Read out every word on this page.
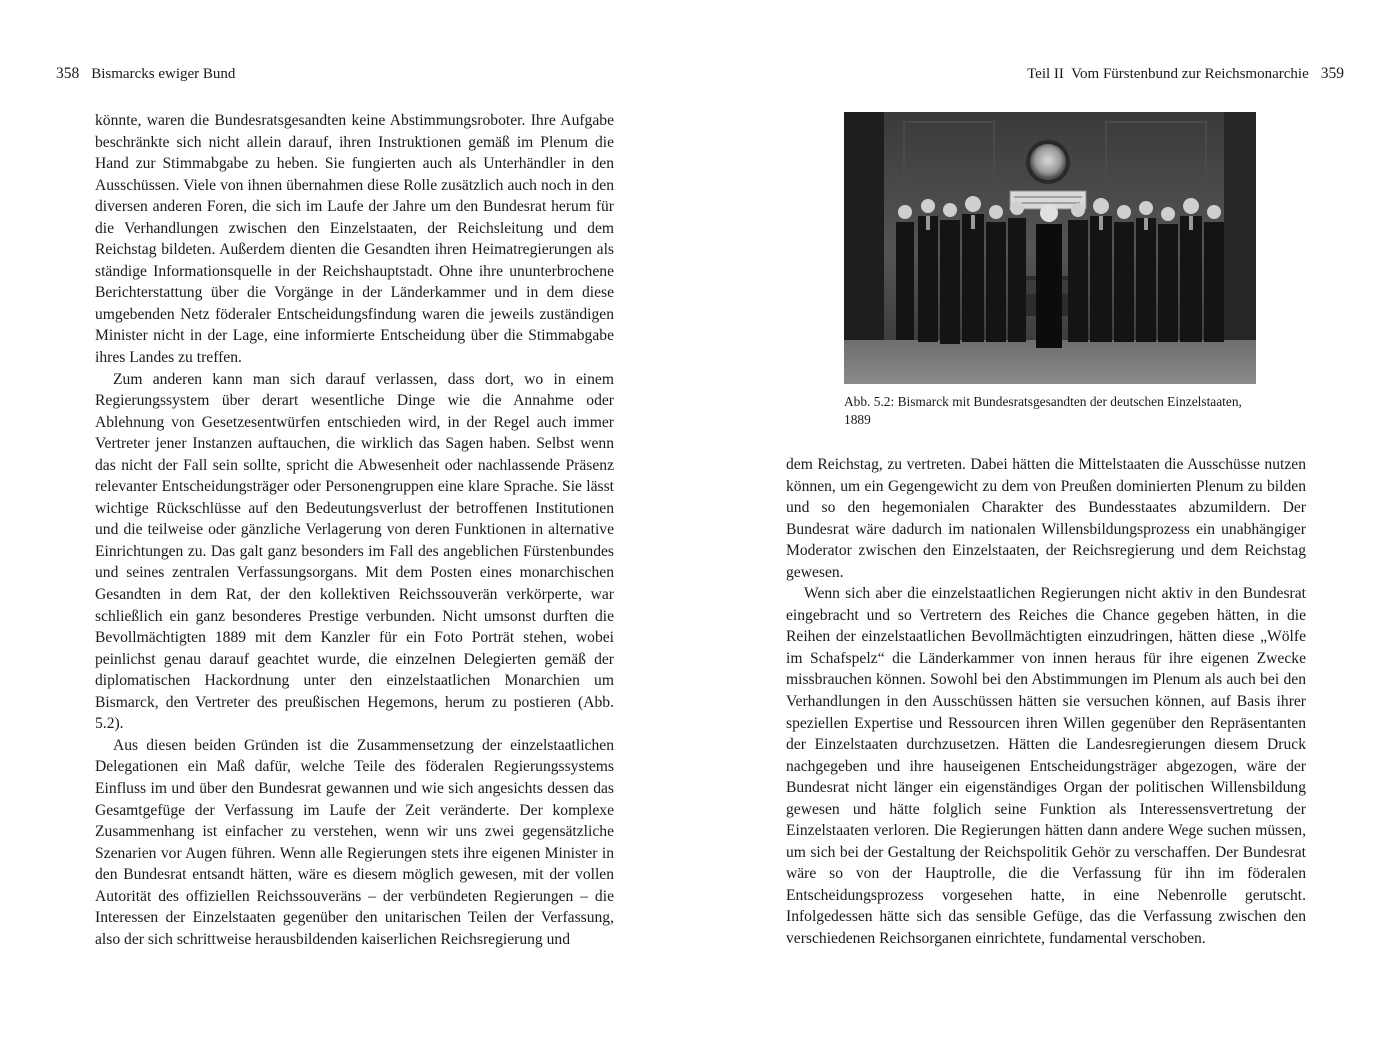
358 Bismarcks ewiger Bund

könnte, waren die Bundesratsgesandten keine Abstimmungsroboter. Ihre Aufgabe beschränkte sich nicht allein darauf, ihren Instruktionen gemäß im Plenum die Hand zur Stimmabgabe zu heben. Sie fungierten auch als Unterhändler in den Ausschüssen. Viele von ihnen übernahmen diese Rolle zusätzlich auch noch in den diversen anderen Foren, die sich im Laufe der Jahre um den Bundesrat herum für die Verhandlungen zwischen den Einzelstaaten, der Reichsleitung und dem Reichstag bildeten. Außerdem dienten die Gesandten ihren Heimatregierungen als ständige Informationsquelle in der Reichshauptstadt. Ohne ihre ununterbrochene Berichterstattung über die Vorgänge in der Länderkammer und in dem diese umgebenden Netz föderaler Entscheidungsfindung waren die jeweils zuständigen Minister nicht in der Lage, eine informierte Entscheidung über die Stimmabgabe ihres Landes zu treffen.

Zum anderen kann man sich darauf verlassen, dass dort, wo in einem Regierungssystem über derart wesentliche Dinge wie die Annahme oder Ablehnung von Gesetzesentwürfen entschieden wird, in der Regel auch immer Vertreter jener Instanzen auftauchen, die wirklich das Sagen haben. Selbst wenn das nicht der Fall sein sollte, spricht die Abwesenheit oder nachlassende Präsenz relevanter Entscheidungsträger oder Personengruppen eine klare Sprache. Sie lässt wichtige Rückschlüsse auf den Bedeutungsverlust der betroffenen Institutionen und die teilweise oder gänzliche Verlagerung von deren Funktionen in alternative Einrichtungen zu. Das galt ganz besonders im Fall des angeblichen Fürstenbundes und seines zentralen Verfassungsorgans. Mit dem Posten eines monarchischen Gesandten in dem Rat, der den kollektiven Reichssouverän verkörperte, war schließlich ein ganz besonderes Prestige verbunden. Nicht umsonst durften die Bevollmächtigten 1889 mit dem Kanzler für ein Foto Porträt stehen, wobei peinlichst genau darauf geachtet wurde, die einzelnen Delegierten gemäß der diplomatischen Hackordnung unter den einzelstaatlichen Monarchien um Bismarck, den Vertreter des preußischen Hegemons, herum zu postieren (Abb. 5.2).

Aus diesen beiden Gründen ist die Zusammensetzung der einzelstaatlichen Delegationen ein Maß dafür, welche Teile des föderalen Regierungssystems Einfluss im und über den Bundesrat gewannen und wie sich angesichts dessen das Gesamtgefüge der Verfassung im Laufe der Zeit veränderte. Der komplexe Zusammenhang ist einfacher zu verstehen, wenn wir uns zwei gegensätzliche Szenarien vor Augen führen. Wenn alle Regierungen stets ihre eigenen Minister in den Bundesrat entsandt hätten, wäre es diesem möglich gewesen, mit der vollen Autorität des offiziellen Reichssouveräns – der verbündeten Regierungen – die Interessen der Einzelstaaten gegenüber den unitarischen Teilen der Verfassung, also der sich schrittweise herausbildenden kaiserlichen Reichsregierung und

Teil II  Vom Fürstenbund zur Reichsmonarchie 359
Abb. 5.2: Bismarck mit Bundesratsgesandten der deutschen Einzelstaaten, 1889

dem Reichstag, zu vertreten. Dabei hätten die Mittelstaaten die Ausschüsse nutzen können, um ein Gegengewicht zu dem von Preußen dominierten Plenum zu bilden und so den hegemonialen Charakter des Bundesstaates abzumildern. Der Bundesrat wäre dadurch im nationalen Willensbildungsprozess ein unabhängiger Moderator zwischen den Einzelstaaten, der Reichsregierung und dem Reichstag gewesen.

Wenn sich aber die einzelstaatlichen Regierungen nicht aktiv in den Bundesrat eingebracht und so Vertretern des Reiches die Chance gegeben hätten, in die Reihen der einzelstaatlichen Bevollmächtigten einzudringen, hätten diese „Wölfe im Schafspelz“ die Länderkammer von innen heraus für ihre eigenen Zwecke missbrauchen können. Sowohl bei den Abstimmungen im Plenum als auch bei den Verhandlungen in den Ausschüssen hätten sie versuchen können, auf Basis ihrer speziellen Expertise und Ressourcen ihren Willen gegenüber den Repräsentanten der Einzelstaaten durchzusetzen. Hätten die Landesregierungen diesem Druck nachgegeben und ihre hauseigenen Entscheidungsträger abgezogen, wäre der Bundesrat nicht länger ein eigenständiges Organ der politischen Willensbildung gewesen und hätte folglich seine Funktion als Interessensvertretung der Einzelstaaten verloren. Die Regierungen hätten dann andere Wege suchen müssen, um sich bei der Gestaltung der Reichspolitik Gehör zu verschaffen. Der Bundesrat wäre so von der Hauptrolle, die die Verfassung für ihn im föderalen Entscheidungsprozess vorgesehen hatte, in eine Nebenrolle gerutscht. Infolgedessen hätte sich das sensible Gefüge, das die Verfassung zwischen den verschiedenen Reichsorganen einrichtete, fundamental verschoben.
